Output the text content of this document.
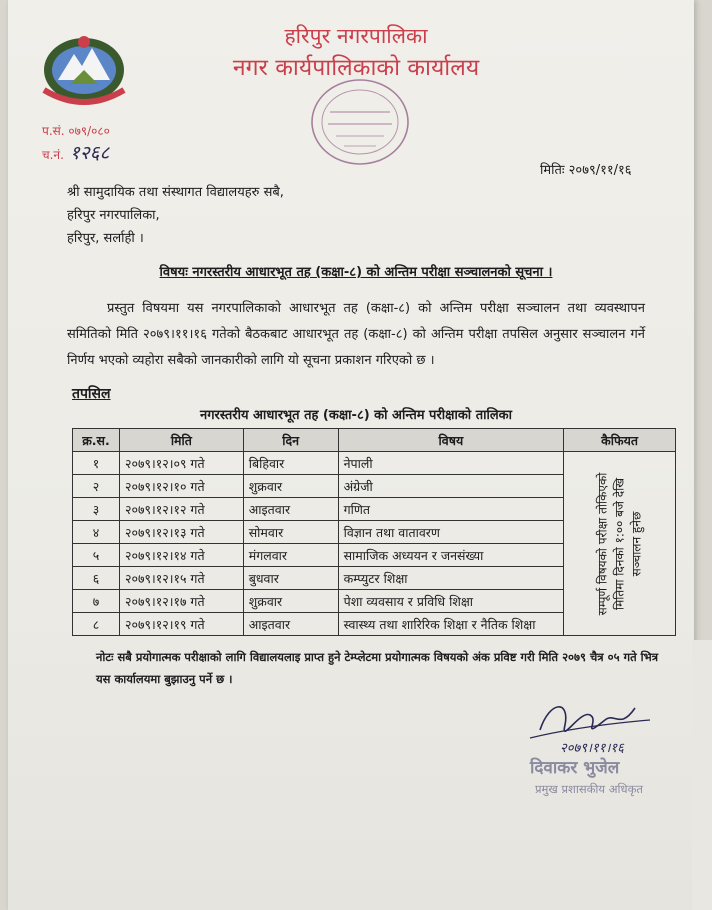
हरिपुर नगरपालिका
नगर कार्यपालिकाको कार्यालय
प.सं. ०७९/०८०
च.नं. १२६८
मितिः २०७९/११/१६
श्री सामुदायिक तथा संस्थागत विद्यालयहरु सबै,
हरिपुर नगरपालिका,
हरिपुर, सर्लाही ।
विषयः नगरस्तरीय आधारभूत तह (कक्षा-८) को अन्तिम परीक्षा सञ्चालनको सूचना ।
प्रस्तुत विषयमा यस नगरपालिकाको आधारभूत तह (कक्षा-८) को अन्तिम परीक्षा सञ्चालन तथा व्यवस्थापन समितिको मिति २०७९।११।१६ गतेको बैठकबाट आधारभूत तह (कक्षा-८) को अन्तिम परीक्षा तपसिल अनुसार सञ्चालन गर्ने निर्णय भएको व्यहोरा सबैको जानकारीको लागि यो सूचना प्रकाशन गरिएको छ ।
तपसिल
नगरस्तरीय आधारभूत तह (कक्षा-८) को अन्तिम परीक्षाको तालिका
क्र.स.	मिति	दिन	विषय	कैफियत
१	२०७९।१२।०९ गते	बिहिवार	नेपाली	सम्पूर्ण विषयको परीक्षा तोकिएको मितिमा दिनको १:०० बजे देखि सञ्चालन हुनेछ

२	२०७९।१२।१० गते	शुक्रवार	अंग्रेजी	
३	२०७९।१२।१२ गते	आइतवार	गणित	
४	२०७९।१२।१३ गते	सोमवार	विज्ञान तथा वातावरण	
५	२०७९।१२।१४ गते	मंगलवार	सामाजिक अध्ययन र जनसंख्या	
६	२०७९।१२।१५ गते	बुधवार	कम्प्युटर शिक्षा	
७	२०७९।१२।१७ गते	शुक्रवार	पेशा व्यवसाय र प्रविधि शिक्षा	
८	२०७९।१२।१९ गते	आइतवार	स्वास्थ्य तथा शारिरिक शिक्षा र नैतिक शिक्षा	
नोटः सबै प्रयोगात्मक परीक्षाको लागि विद्यालयलाइ प्राप्त हुने टेम्प्लेटमा प्रयोगात्मक विषयको अंक प्रविष्ट गरी मिति २०७९ चैत्र ०५ गते भित्र यस कार्यालयमा बुझाउनु पर्ने छ ।
२०७९।११।१६
दिवाकर भुजेल
प्रमुख प्रशासकीय अधिकृत
